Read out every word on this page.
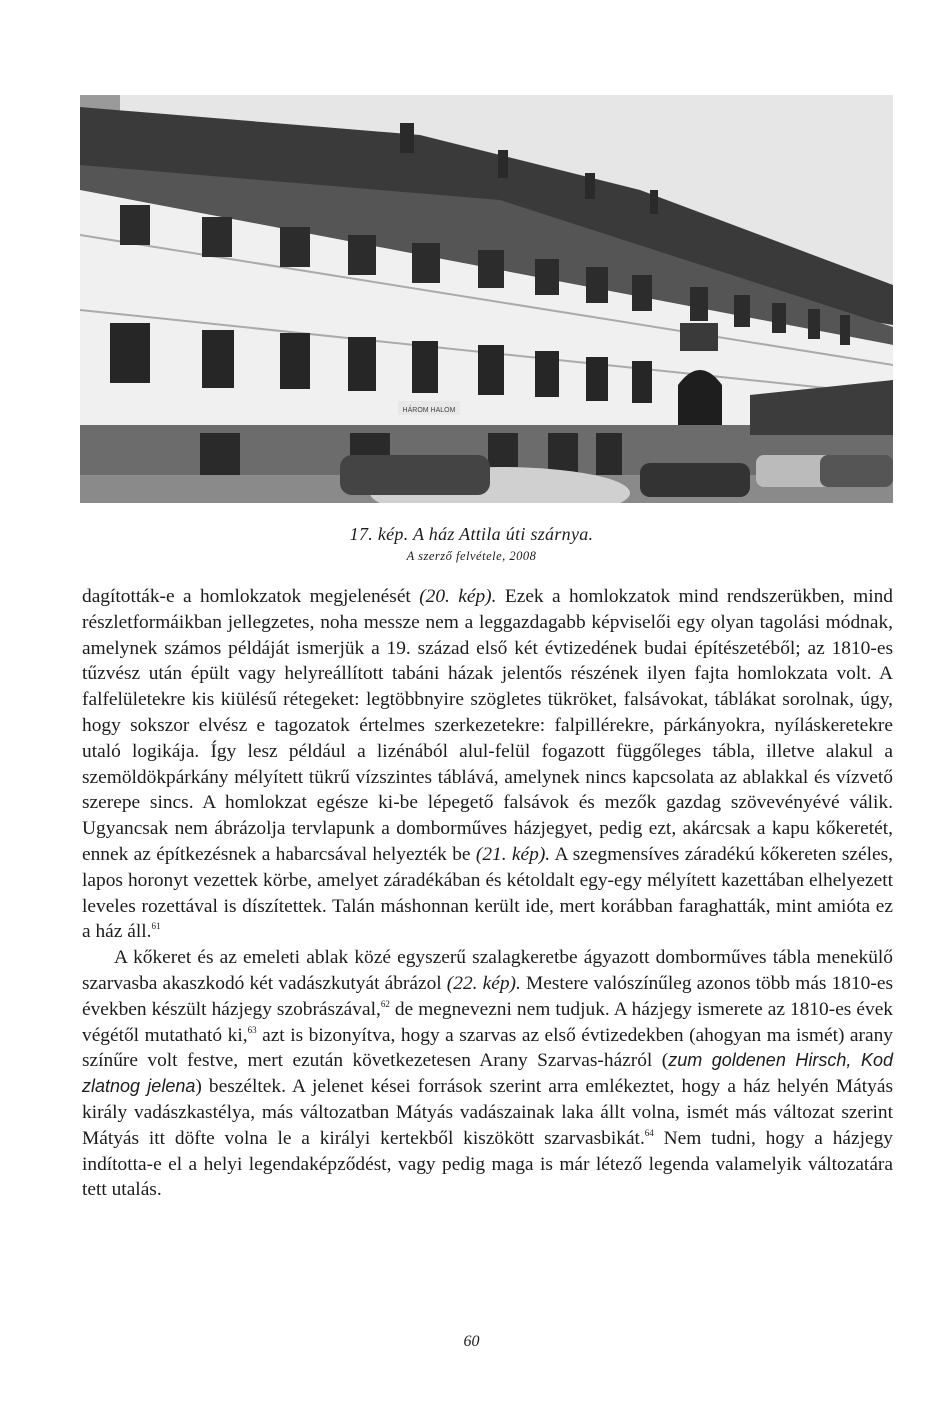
HÁROM HALOM
17. kép. A ház Attila úti szárnya.
A szerző felvétele, 2008

dagították-e a homlokzatok megjelenését (20. kép). Ezek a homlokzatok mind rendszerükben, mind részletformáikban jellegzetes, noha messze nem a leggazdagabb képviselői egy olyan tagolási módnak, amelynek számos példáját ismerjük a 19. század első két évtizedének budai építészetéből; az 1810-es tűzvész után épült vagy helyreállított tabáni házak jelentős részének ilyen fajta homlokzata volt. A falfelületekre kis kiülésű rétegeket: legtöbbnyire szögletes tükröket, falsávokat, táblákat sorolnak, úgy, hogy sokszor elvész e tagozatok értelmes szerkezetekre: falpillérekre, párkányokra, nyíláskeretekre utaló logikája. Így lesz például a lizénából alul-felül fogazott függőleges tábla, illetve alakul a szemöldökpárkány mélyített tükrű vízszintes táblává, amelynek nincs kapcsolata az ablakkal és vízvető szerepe sincs. A homlokzat egésze ki-be lépegető falsávok és mezők gazdag szövevényévé válik. Ugyancsak nem ábrázolja tervlapunk a domborműves házjegyet, pedig ezt, akárcsak a kapu kőkeretét, ennek az építkezésnek a habarcsával helyezték be (21. kép). A szegmensíves záradékú kőkereten széles, lapos horonyt vezettek körbe, amelyet záradékában és kétoldalt egy-egy mélyített kazettában elhelyezett leveles rozettával is díszítettek. Talán máshonnan került ide, mert korábban faraghatták, mint amióta ez a ház áll.$^{61}$

A kőkeret és az emeleti ablak közé egyszerű szalagkeretbe ágyazott domborműves tábla menekülő szarvasba akaszkodó két vadászkutyát ábrázol (22. kép). Mestere valószínűleg azonos több más 1810-es években készült házjegy szobrászával,$^{62}$ de megnevezni nem tudjuk. A házjegy ismerete az 1810-es évek végétől mutatható ki,$^{63}$ azt is bizonyítva, hogy a szarvas az első évtizedekben (ahogyan ma ismét) arany színűre volt festve, mert ezután következetesen Arany Szarvas-házról (zum goldenen Hirsch, Kod zlatnog jelena) beszéltek. A jelenet kései források szerint arra emlékeztet, hogy a ház helyén Mátyás király vadászkastélya, más változatban Mátyás vadászainak laka állt volna, ismét más változat szerint Mátyás itt döfte volna le a királyi kertekből kiszökött szarvasbikát.$^{64}$ Nem tudni, hogy a házjegy indította-e el a helyi legendaképződést, vagy pedig maga is már létező legenda valamelyik változatára tett utalás.

60
